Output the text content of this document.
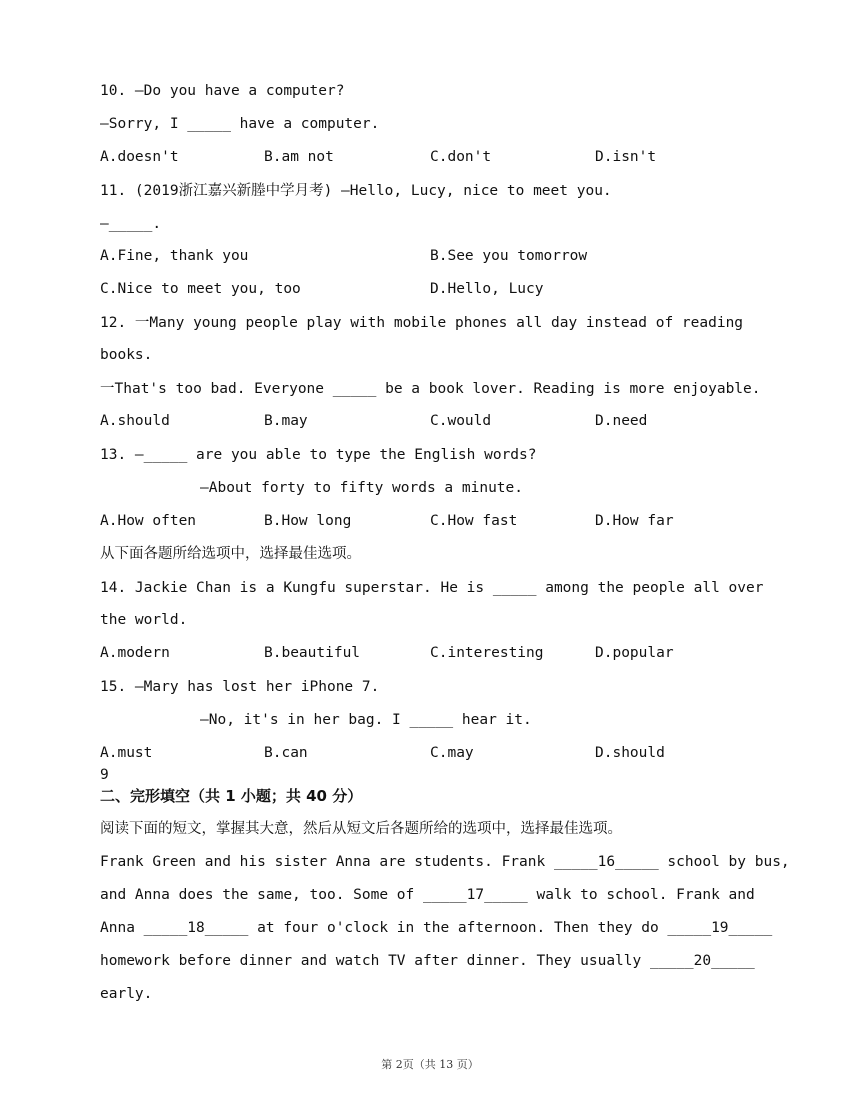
10. —Do you have a computer?
—Sorry, I _____ have a computer.
A.doesn't	B.am not	C.don't	D.isn't
11. (2019浙江嘉兴新塍中学月考) —Hello, Lucy, nice to meet you.
—_____.
A.Fine, thank you	B.See you tomorrow
C.Nice to meet you, too	D.Hello, Lucy
12. 一Many young people play with mobile phones all day instead of reading
books.
一That's too bad. Everyone _____ be a book lover. Reading is more enjoyable.
A.should	B.may	C.would	D.need
13. —_____ are you able to type the English words?
—About forty to fifty words a minute.
A.How often	B.How long	C.How fast	D.How far
从下面各题所给选项中，选择最佳选项。
14. Jackie Chan is a Kungfu superstar. He is _____ among the people all over
the world.
A.modern	B.beautiful	C.interesting	D.popular
15. —Mary has lost her iPhone 7.
—No, it's in her bag. I _____ hear it.
A.must	B.can	C.may	D.should
9
二、完形填空（共 1 小题；共 40 分）
阅读下面的短文，掌握其大意，然后从短文后各题所给的选项中，选择最佳选项。
Frank Green and his sister Anna are students. Frank _____16_____ school by bus,
and Anna does the same, too. Some of _____17_____ walk to school. Frank and
Anna _____18_____ at four o'clock in the afternoon. Then they do _____19_____
homework before dinner and watch TV after dinner. They usually _____20_____
early.
第 2页（共 13 页）
